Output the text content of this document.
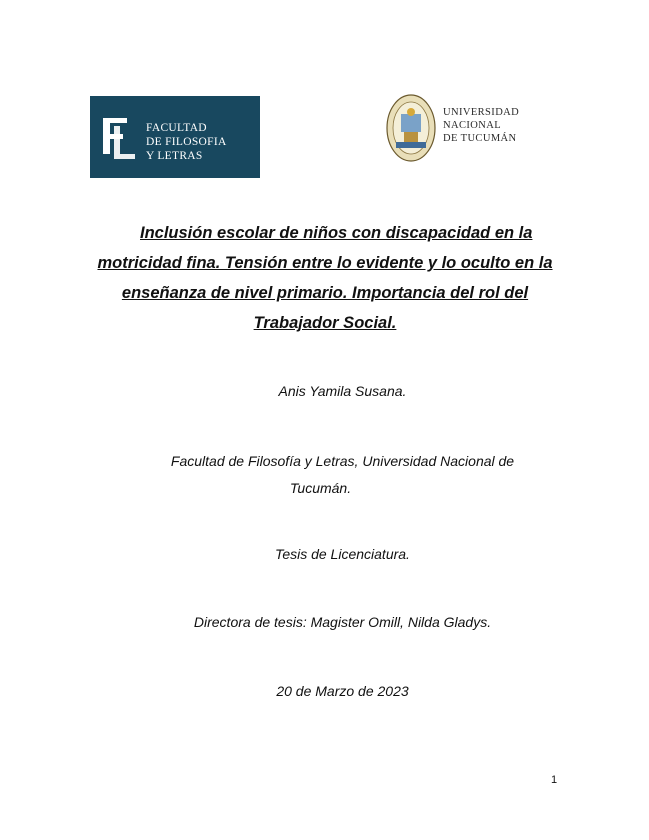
FACULTAD
DE FILOSOFIA
Y LETRAS
UNIVERSIDAD
NACIONAL
DE TUCUMÁN
Inclusión escolar de niños con discapacidad en la
motricidad fina. Tensión entre lo evidente y lo oculto en la
enseñanza de nivel primario. Importancia del rol del
Trabajador Social.
Anis Yamila Susana.
Facultad de Filosofía y Letras, Universidad Nacional de
Tucumán.
Tesis de Licenciatura.
Directora de tesis: Magister Omill, Nilda Gladys.
20 de Marzo de 2023
1
